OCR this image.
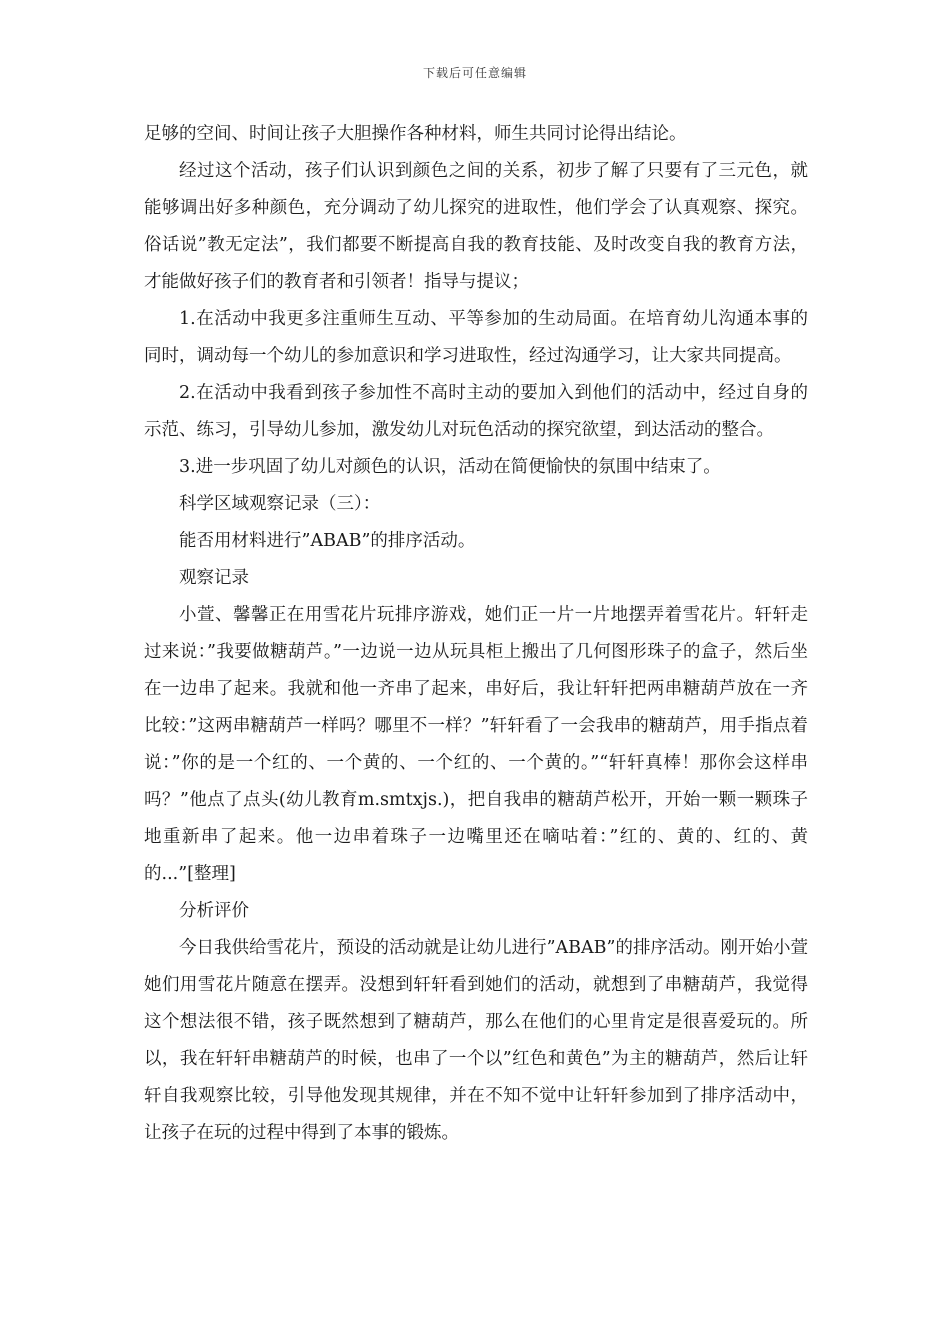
下载后可任意编辑

足够的空间、时间让孩子大胆操作各种材料，师生共同讨论得出结论。

经过这个活动，孩子们认识到颜色之间的关系，初步了解了只要有了三元色，就能够调出好多种颜色，充分调动了幼儿探究的进取性，他们学会了认真观察、探究。俗话说”教无定法”，我们都要不断提高自我的教育技能、及时改变自我的教育方法，才能做好孩子们的教育者和引领者！指导与提议；

1.在活动中我更多注重师生互动、平等参加的生动局面。在培育幼儿沟通本事的同时，调动每一个幼儿的参加意识和学习进取性，经过沟通学习，让大家共同提高。

2.在活动中我看到孩子参加性不高时主动的要加入到他们的活动中，经过自身的示范、练习，引导幼儿参加，激发幼儿对玩色活动的探究欲望，到达活动的整合。

3.进一步巩固了幼儿对颜色的认识，活动在简便愉快的氛围中结束了。

科学区域观察记录（三）：

能否用材料进行”ABAB”的排序活动。

观察记录

小萱、馨馨正在用雪花片玩排序游戏，她们正一片一片地摆弄着雪花片。轩轩走过来说：”我要做糖葫芦。”一边说一边从玩具柜上搬出了几何图形珠子的盒子，然后坐在一边串了起来。我就和他一齐串了起来，串好后，我让轩轩把两串糖葫芦放在一齐比较：”这两串糖葫芦一样吗？哪里不一样？”轩轩看了一会我串的糖葫芦，用手指点着说：”你的是一个红的、一个黄的、一个红的、一个黄的。”“轩轩真棒！那你会这样串吗？”他点了点头(幼儿教育m.smtxjs.)，把自我串的糖葫芦松开，开始一颗一颗珠子地重新串了起来。他一边串着珠子一边嘴里还在嘀咕着：”红的、黄的、红的、黄的...”[整理]

分析评价

今日我供给雪花片，预设的活动就是让幼儿进行”ABAB”的排序活动。刚开始小萱她们用雪花片随意在摆弄。没想到轩轩看到她们的活动，就想到了串糖葫芦，我觉得这个想法很不错，孩子既然想到了糖葫芦，那么在他们的心里肯定是很喜爱玩的。所以，我在轩轩串糖葫芦的时候，也串了一个以”红色和黄色”为主的糖葫芦，然后让轩轩自我观察比较，引导他发现其规律，并在不知不觉中让轩轩参加到了排序活动中，让孩子在玩的过程中得到了本事的锻炼。
